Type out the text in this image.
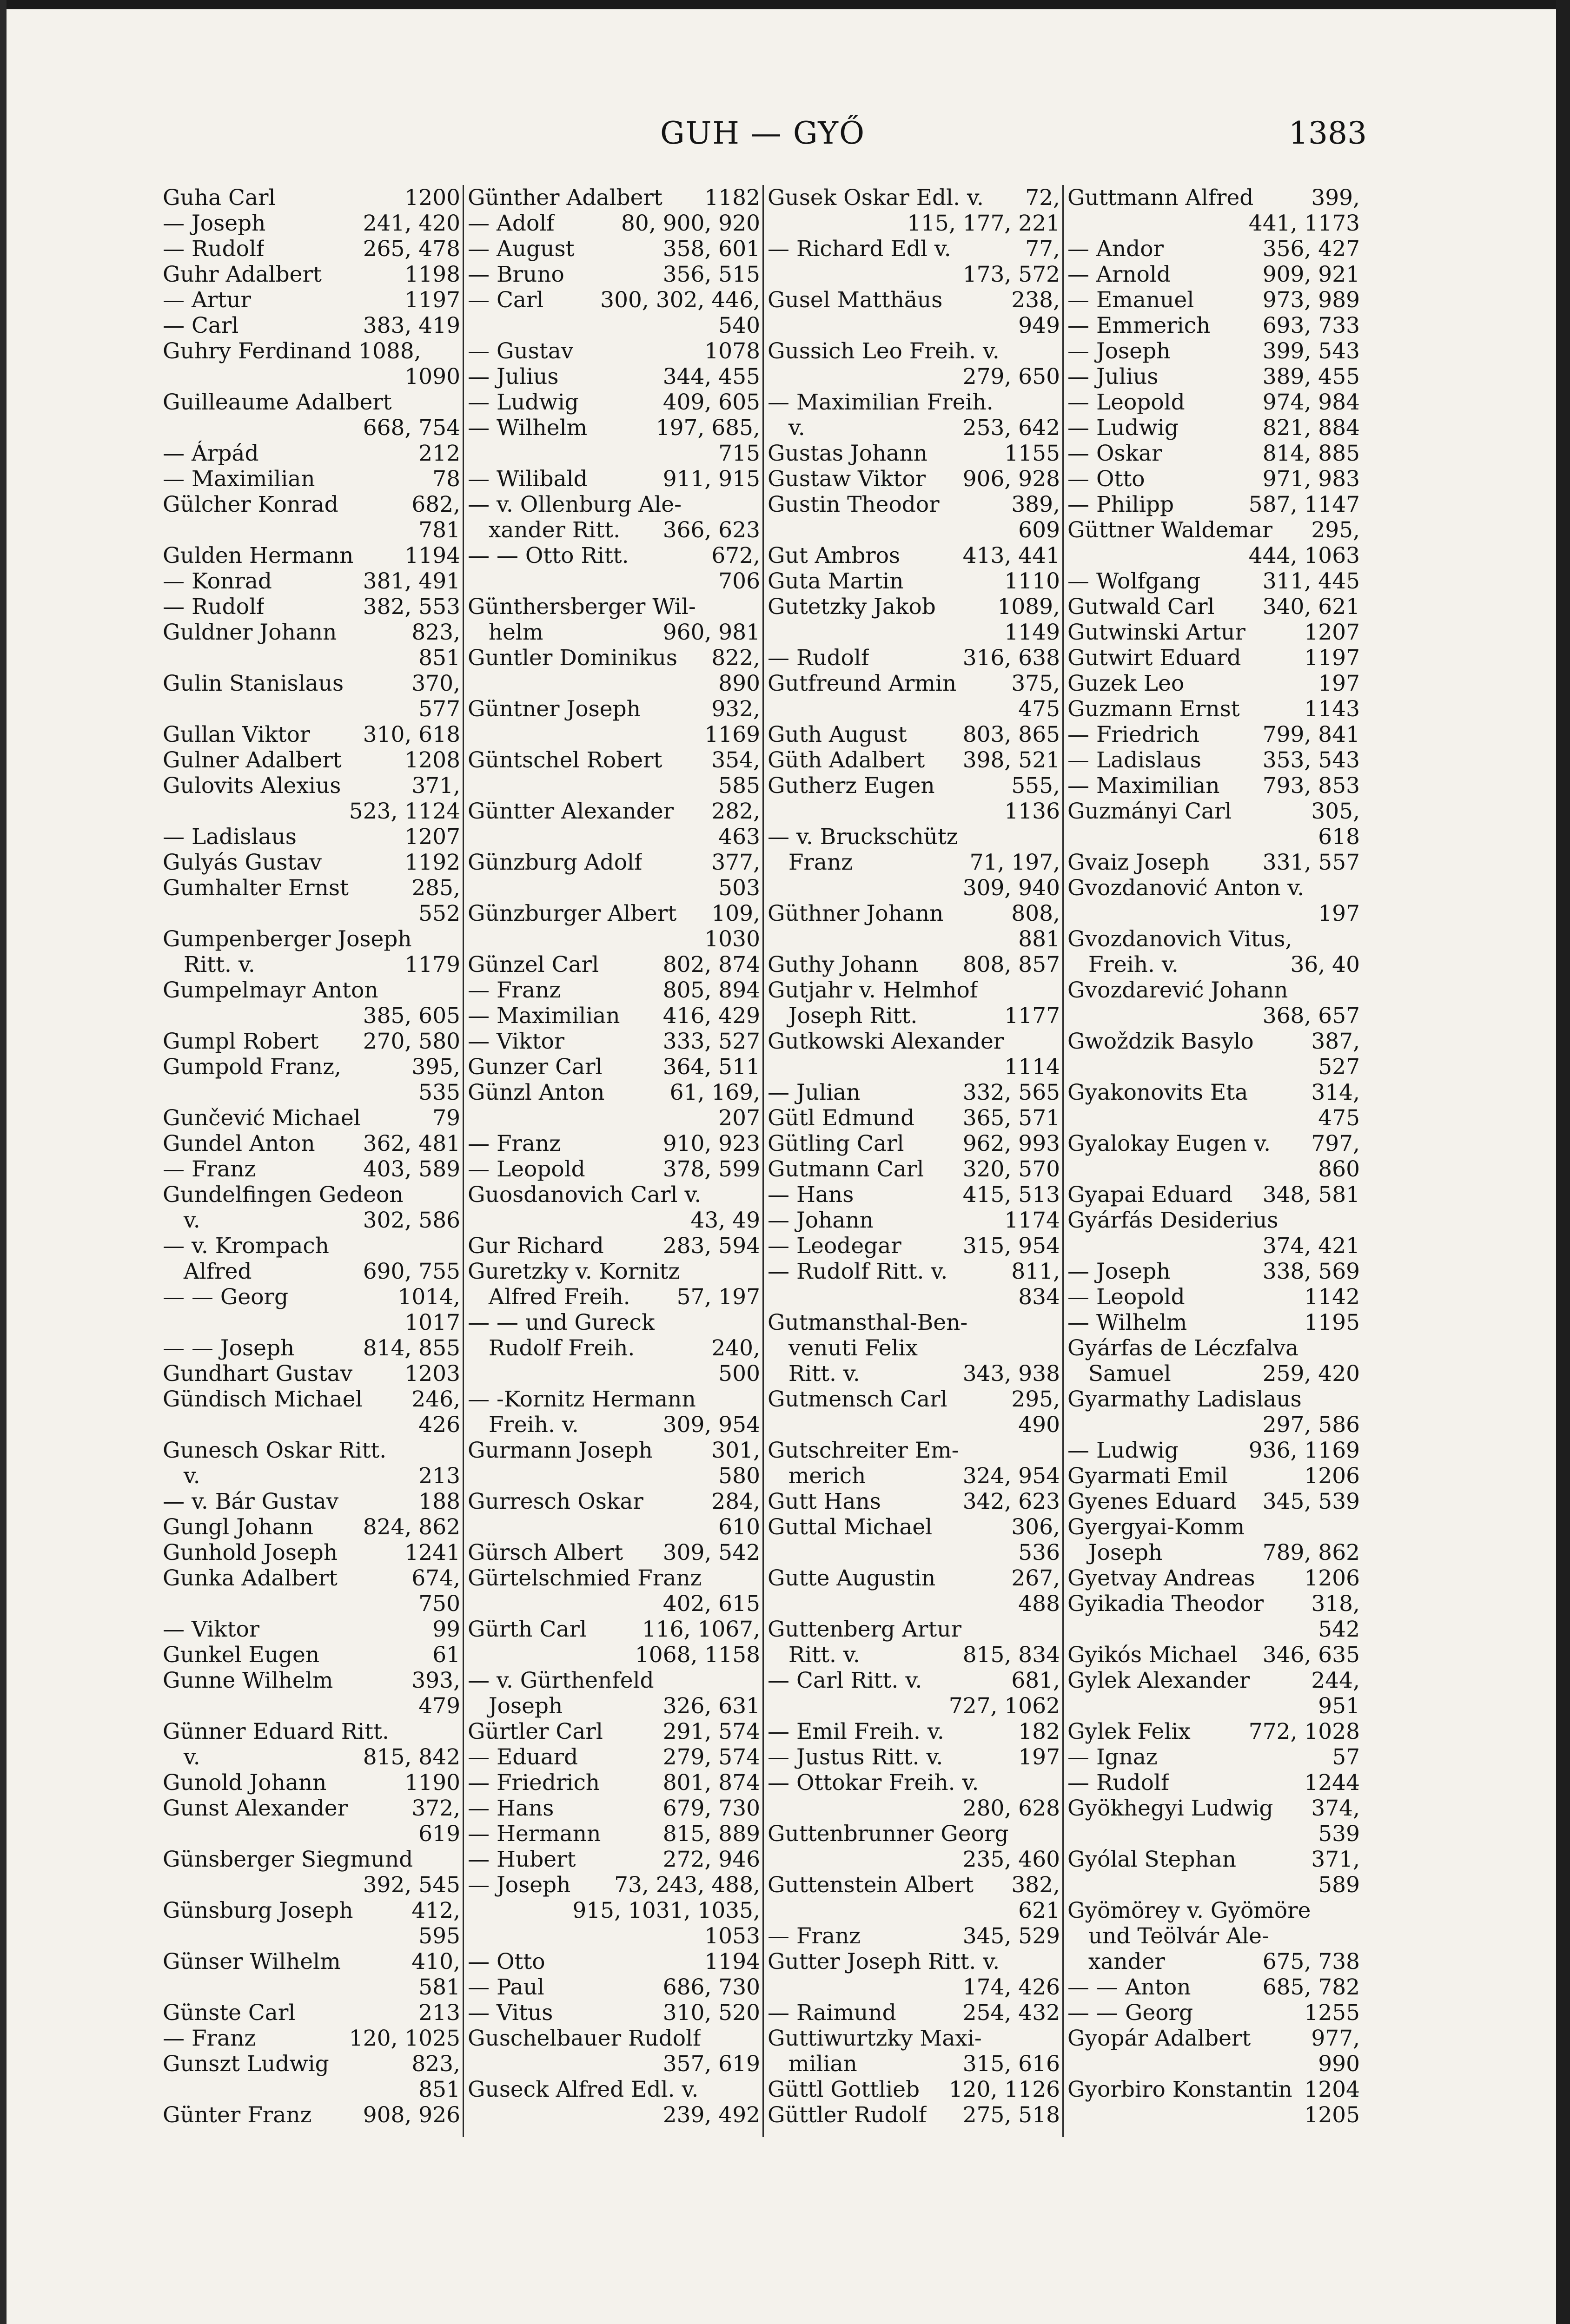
GUH — GYŐ	1383
Guha Carl	1200
— Joseph	241, 420
— Rudolf	265, 478
Guhr Adalbert	1198
— Artur	1197
— Carl	383, 419
Guhry Ferdinand 1088,
1090
Guilleaume Adalbert
668, 754
— Árpád	212
— Maximilian	78
Gülcher Konrad	682,
781
Gulden Hermann 1194
— Konrad	381, 491
— Rudolf	382, 553
Guldner Johann	823,
851
Gulin Stanislaus	370,
577
Gullan Viktor 310, 618
Gulner Adalbert	1208
Gulovits Alexius	371,
523, 1124
— Ladislaus	1207
Gulyás Gustav	1192
Gumhalter Ernst	285,
552
Gumpenberger Joseph
Ritt. v.	1179
Gumpelmayr Anton
385, 605
Gumpl Robert 270, 580
Gumpold Franz,	395,
535
Gunčević Michael	79
Gundel Anton 362, 481
— Franz	403, 589
Gundelfingen Gedeon
v.	302, 586
— v. Krompach
Alfred	690, 755
— — Georg	1014,
1017
— — Joseph	814, 855
Gundhart Gustav 1203
Gündisch Michael 246,
426
Gunesch Oskar Ritt.
v.	213
— v. Bár Gustav	188
Gungl Johann 824, 862
Gunhold Joseph	1241
Gunka Adalbert	674,
750
— Viktor	99
Gunkel Eugen	61
Gunne Wilhelm	393,
479
Günner Eduard Ritt.
v.	815, 842
Gunold Johann	1190
Gunst Alexander	372,
619
Günsberger Siegmund
392, 545
Günsburg Joseph	412,
595
Günser Wilhelm	410,
581
Günste Carl	213
— Franz	120, 1025
Gunszt Ludwig	823,
851
Günter Franz 908, 926
Günther Adalbert 1182
— Adolf	80, 900, 920
— August	358, 601
— Bruno	356, 515
— Carl	300, 302, 446,
540
— Gustav	1078
— Julius	344, 455
— Ludwig	409, 605
— Wilhelm	197, 685,
715
— Wilibald	911, 915
— v. Ollenburg Ale-
xander Ritt. 366, 623
— — Otto Ritt.	672,
706
Günthersberger Wil-
helm	960, 981
Guntler Dominikus 822,
890
Güntner Joseph	932,
1169
Güntschel Robert 354,
585
Güntter Alexander 282,
463
Günzburg Adolf	377,
503
Günzburger Albert 109,
1030
Günzel Carl	802, 874
— Franz	805, 894
— Maximilian 416, 429
— Viktor	333, 527
Gunzer Carl	364, 511
Günzl Anton	61, 169,
207
— Franz	910, 923
— Leopold	378, 599
Guosdanovich Carl v.
43, 49
Gur Richard	283, 594
Guretzky v. Kornitz
Alfred Freih. 57, 197
— — und Gureck
Rudolf Freih.	240,
500
— -Kornitz Hermann
Freih. v.	309, 954
Gurmann Joseph	301,
580
Gurresch Oskar	284,
610
Gürsch Albert 309, 542
Gürtelschmied Franz
402, 615
Gürth Carl	116, 1067,
1068, 1158
— v. Gürthenfeld
Joseph	326, 631
Gürtler Carl	291, 574
— Eduard	279, 574
— Friedrich	801, 874
— Hans	679, 730
— Hermann	815, 889
— Hubert	272, 946
— Joseph 73, 243, 488,
915, 1031, 1035,
1053
— Otto	1194
— Paul	686, 730
— Vitus	310, 520
Guschelbauer Rudolf
357, 619
Guseck Alfred Edl. v.
239, 492
Gusek Oskar Edl. v. 72,
115, 177, 221
— Richard Edl v.	77,
173, 572
Gusel Matthäus	238,
949
Gussich Leo Freih. v.
279, 650
— Maximilian Freih.
v.	253, 642
Gustas Johann	1155
Gustaw Viktor 906, 928
Gustin Theodor	389,
609
Gut Ambros	413, 441
Guta Martin	1110
Gutetzky Jakob	1089,
1149
— Rudolf	316, 638
Gutfreund Armin	375,
475
Guth August	803, 865
Güth Adalbert 398, 521
Gutherz Eugen	555,
1136
— v. Bruckschütz
Franz	71, 197,
309, 940
Güthner Johann	808,
881
Guthy Johann 808, 857
Gutjahr v. Helmhof
Joseph Ritt.	1177
Gutkowski Alexander
1114
— Julian	332, 565
Gütl Edmund 365, 571
Gütling Carl	962, 993
Gutmann Carl 320, 570
— Hans	415, 513
— Johann	1174
— Leodegar	315, 954
— Rudolf Ritt. v.	811,
834
Gutmansthal-Ben-
venuti Felix
Ritt. v.	343, 938
Gutmensch Carl	295,
490
Gutschreiter Em-
merich	324, 954
Gutt Hans	342, 623
Guttal Michael	306,
536
Gutte Augustin	267,
488
Guttenberg Artur
Ritt. v.	815, 834
— Carl Ritt. v.	681,
727, 1062
— Emil Freih. v.	182
— Justus Ritt. v.	197
— Ottokar Freih. v.
280, 628
Guttenbrunner Georg
235, 460
Guttenstein Albert 382,
621
— Franz	345, 529
Gutter Joseph Ritt. v.
174, 426
— Raimund	254, 432
Guttiwurtzky Maxi-
milian	315, 616
Güttl Gottlieb 120, 1126
Güttler Rudolf 275, 518
Guttmann Alfred	399,
441, 1173
— Andor	356, 427
— Arnold	909, 921
— Emanuel	973, 989
— Emmerich 693, 733
— Joseph	399, 543
— Julius	389, 455
— Leopold	974, 984
— Ludwig	821, 884
— Oskar	814, 885
— Otto	971, 983
— Philipp	587, 1147
Güttner Waldemar 295,
444, 1063
— Wolfgang	311, 445
Gutwald Carl 340, 621
Gutwinski Artur	1207
Gutwirt Eduard	1197
Guzek Leo	197
Guzmann Ernst	1143
— Friedrich	799, 841
— Ladislaus	353, 543
— Maximilian 793, 853
Guzmányi Carl	305,
618
Gvaiz Joseph 331, 557
Gvozdanović Anton v.
197
Gvozdanovich Vitus,
Freih. v.	36, 40
Gvozdarević Johann
368, 657
Gwoždzik Basylo	387,
527
Gyakonovits Eta	314,
475
Gyalokay Eugen v. 797,
860
Gyapai Eduard 348, 581
Gyárfás Desiderius
374, 421
— Joseph	338, 569
— Leopold	1142
— Wilhelm	1195
Gyárfas de Léczfalva
Samuel	259, 420
Gyarmathy Ladislaus
297, 586
— Ludwig	936, 1169
Gyarmati Emil	1206
Gyenes Eduard 345, 539
Gyergyai-Komm
Joseph	789, 862
Gyetvay Andreas 1206
Gyikadia Theodor 318,
542
Gyikós Michael 346, 635
Gylek Alexander	244,
951
Gylek Felix	772, 1028
— Ignaz	57
— Rudolf	1244
Gyökhegyi Ludwig 374,
539
Gyólal Stephan	371,
589
Gyömörey v. Gyömöre
und Teölvár Ale-
xander	675, 738
— — Anton	685, 782
— — Georg	1255
Gyopár Adalbert	977,
990
Gyorbiro Konstantin 1204
1205
